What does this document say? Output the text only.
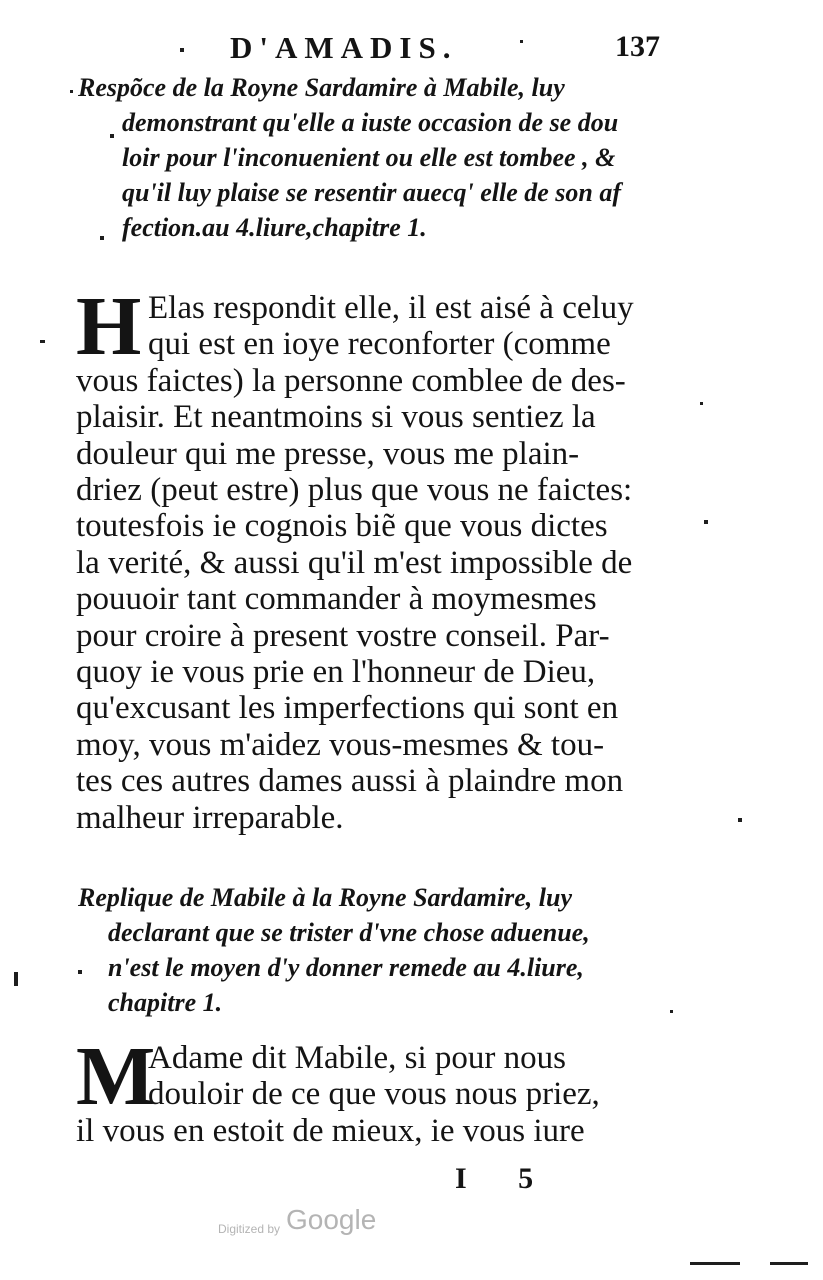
D'AMADIS.	137
Respõce de la Royne Sardamire à Mabile, luy
demonstrant qu'elle a iuste occasion de se dou
loir pour l'inconuenient ou elle est tombee , &
qu'il luy plaise se resentir auecq' elle de son af
fection.au 4.liure,chapitre 1.
H Elas respondit elle, il est aisé à celuy
qui est en ioye reconforter (comme
vous faictes) la personne comblee de des-
plaisir. Et neantmoins si vous sentiez la
douleur qui me presse, vous me plain-
driez (peut estre) plus que vous ne faictes:
toutesfois ie cognois biẽ que vous dictes
la verité, & aussi qu'il m'est impossible de
pouuoir tant commander à moymesmes
pour croire à present vostre conseil. Par-
quoy ie vous prie en l'honneur de Dieu,
qu'excusant les imperfections qui sont en
moy, vous m'aidez vous-mesmes & tou-
tes ces autres dames aussi à plaindre mon
malheur irreparable.
Replique de Mabile à la Royne Sardamire, luy
declarant que se trister d'vne chose aduenue,
n'est le moyen d'y donner remede au 4.liure,
chapitre 1.
M
Adame dit Mabile, si pour nous
douloir de ce que vous nous priez,
il vous en estoit de mieux, ie vous iure
I 5
Digitized by Google
